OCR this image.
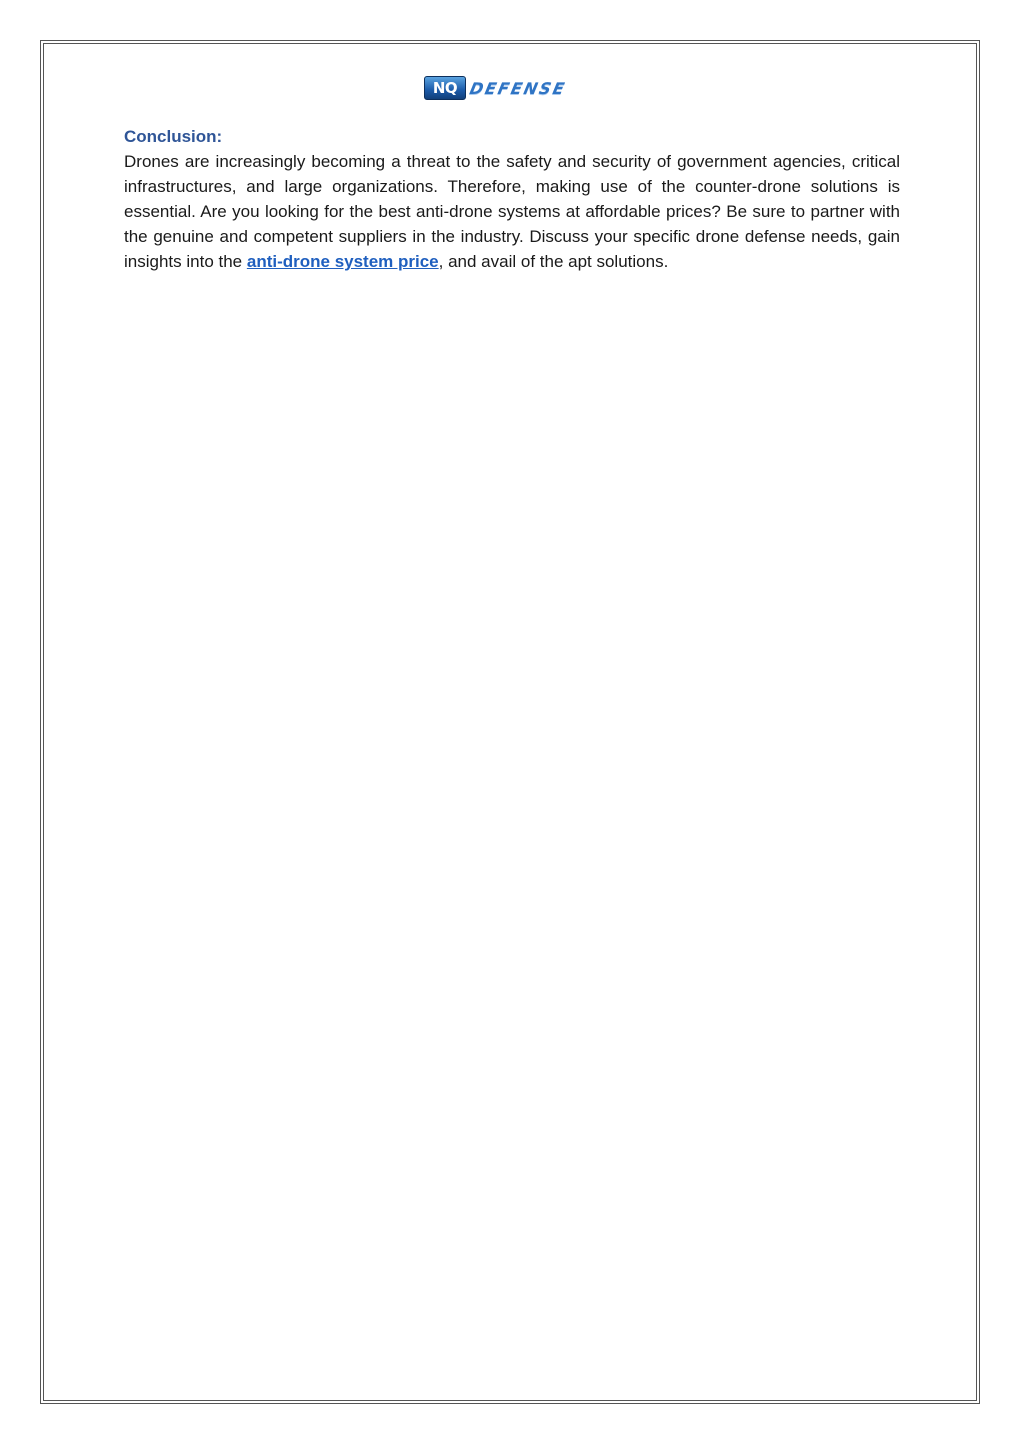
NQ DEFENSE

Conclusion:

Drones are increasingly becoming a threat to the safety and security of government agencies, critical infrastructures, and large organizations. Therefore, making use of the counter-drone solutions is essential. Are you looking for the best anti-drone systems at affordable prices? Be sure to partner with the genuine and competent suppliers in the industry. Discuss your specific drone defense needs, gain insights into the anti-drone system price, and avail of the apt solutions.
